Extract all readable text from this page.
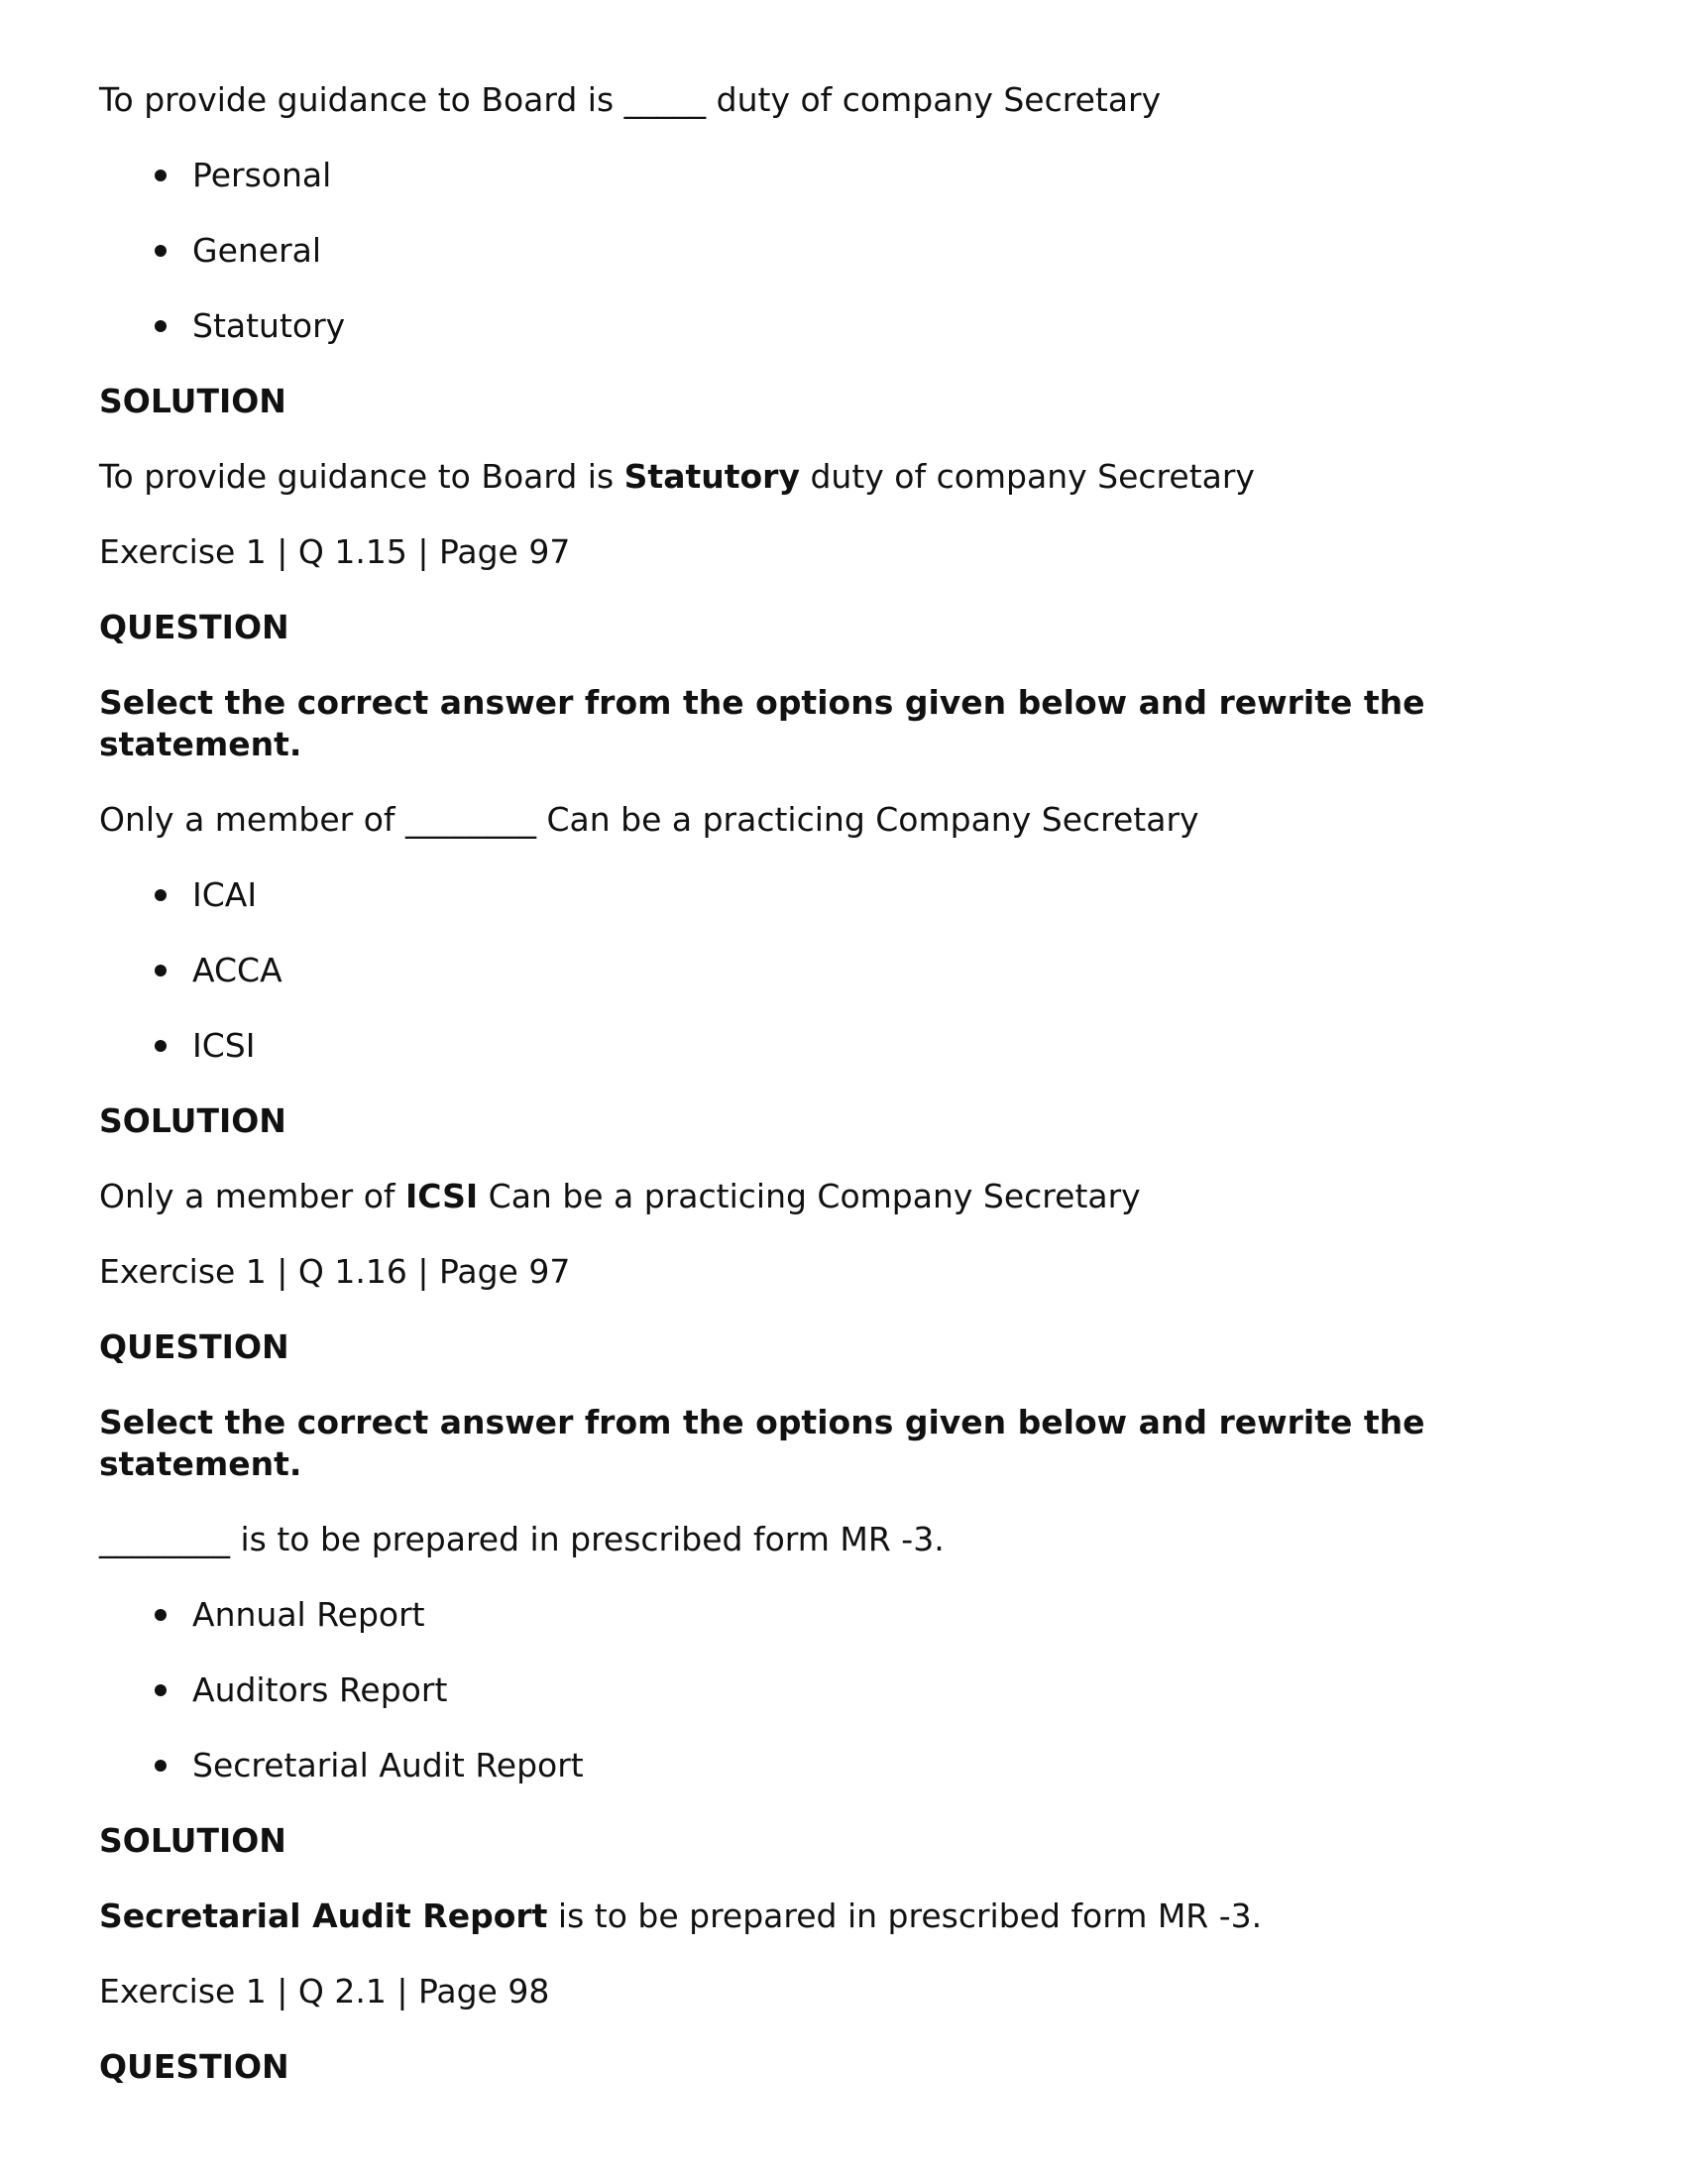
To provide guidance to Board is _____ duty of company Secretary

Personal
General
Statutory

SOLUTION

To provide guidance to Board is Statutory duty of company Secretary

Exercise 1 | Q 1.15 | Page 97

QUESTION

Select the correct answer from the options given below and rewrite the statement.

Only a member of ________ Can be a practicing Company Secretary

ICAI
ACCA
ICSI

SOLUTION

Only a member of ICSI Can be a practicing Company Secretary

Exercise 1 | Q 1.16 | Page 97

QUESTION

Select the correct answer from the options given below and rewrite the statement.

________ is to be prepared in prescribed form MR -3.

Annual Report
Auditors Report
Secretarial Audit Report

SOLUTION

Secretarial Audit Report is to be prepared in prescribed form MR -3.

Exercise 1 | Q 2.1 | Page 98

QUESTION
